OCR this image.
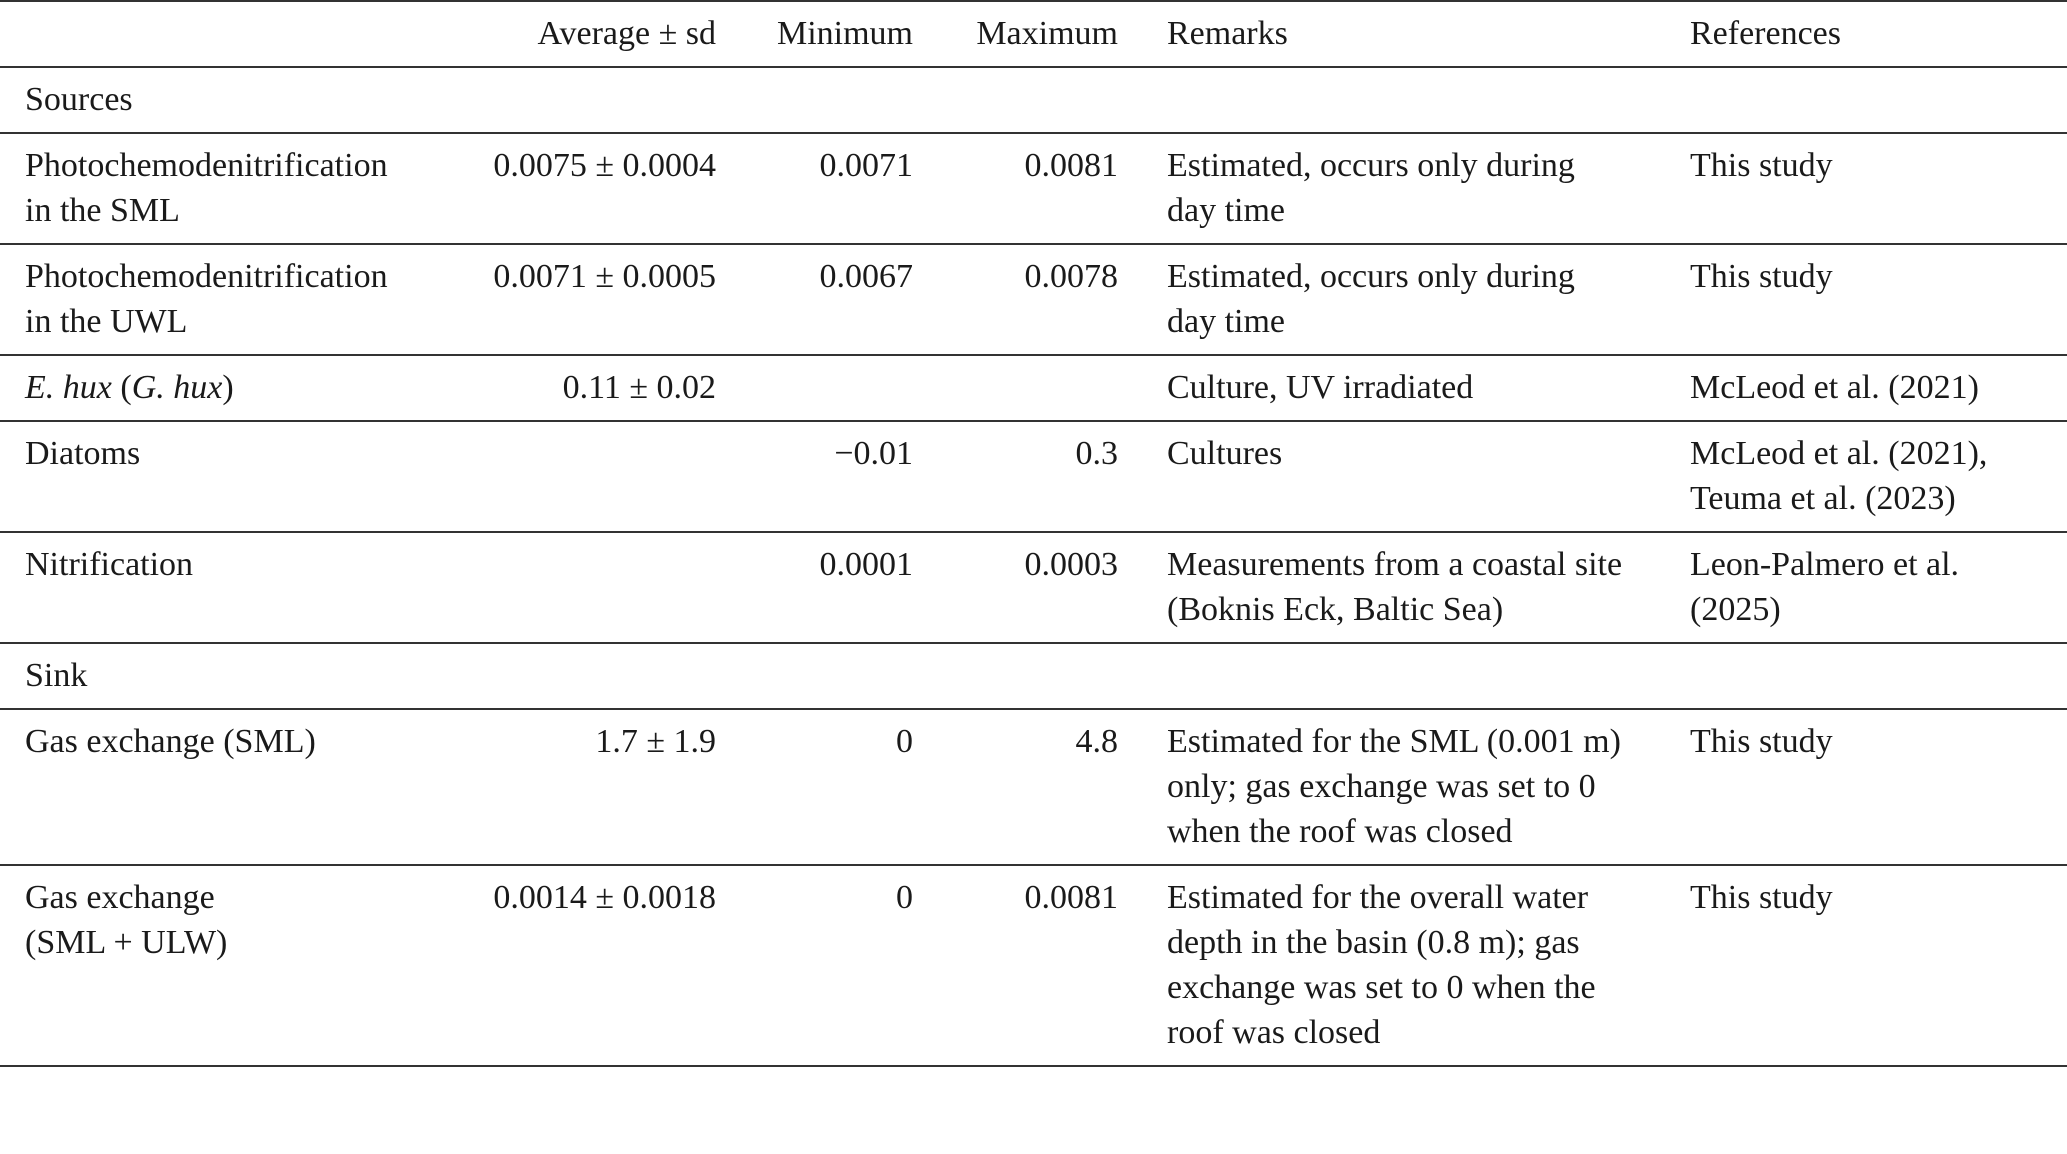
	Average ± sd	Minimum	Maximum	Remarks	References
Sources					
Photochemodenitrification
in the SML	0.0075 ± 0.0004	0.0071	0.0081	Estimated, occurs only during day time	This study
Photochemodenitrification
in the UWL	0.0071 ± 0.0005	0.0067	0.0078	Estimated, occurs only during day time	This study
E. hux (G. hux)	0.11 ± 0.02			Culture, UV irradiated	McLeod et al. (2021)
Diatoms		−0.01	0.3	Cultures	McLeod et al. (2021),
Teuma et al. (2023)
Nitrification		0.0001	0.0003	Measurements from a coastal site (Boknis Eck, Baltic Sea)	Leon-Palmero et al.
(2025)
Sink					
Gas exchange (SML)	1.7 ± 1.9	0	4.8	Estimated for the SML (0.001 m) only; gas exchange was set to 0 when the roof was closed	This study
Gas exchange
(SML + ULW)	0.0014 ± 0.0018	0	0.0081	Estimated for the overall water depth in the basin (0.8 m); gas exchange was set to 0 when the roof was closed	This study
